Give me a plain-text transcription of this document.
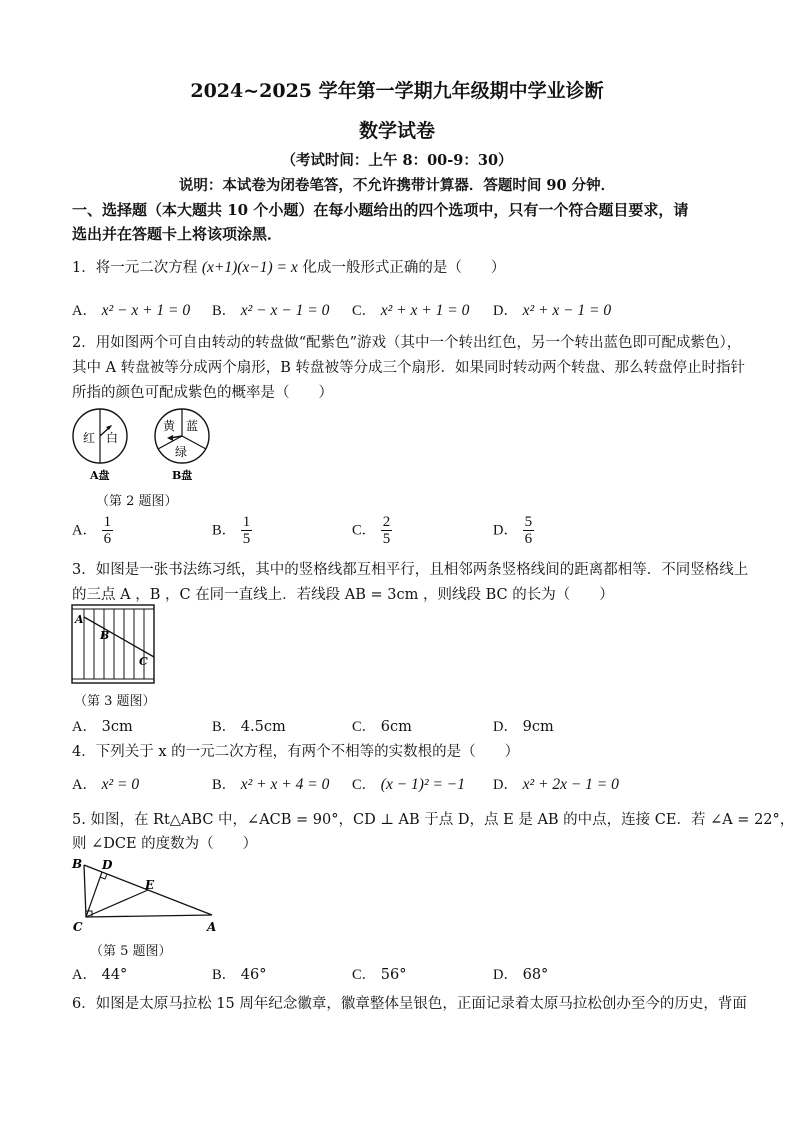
2024~2025 学年第一学期九年级期中学业诊断
数学试卷
（考试时间：上午 8：00-9：30）
说明：本试卷为闭卷笔答，不允许携带计算器．答题时间 90 分钟．
一、选择题（本大题共 10 个小题）在每小题给出的四个选项中，只有一个符合题目要求，请
选出并在答题卡上将该项涂黑．
1．将一元二次方程 (x+1)(x−1) = x 化成一般形式正确的是（　　）
A． x² − x + 1 = 0 B． x² − x − 1 = 0 C． x² + x + 1 = 0 D． x² + x − 1 = 0
2．用如图两个可自由转动的转盘做“配紫色”游戏（其中一个转出红色，另一个转出蓝色即可配成紫色），
其中 A 转盘被等分成两个扇形，B 转盘被等分成三个扇形．如果同时转动两个转盘、那么转盘停止时指针
所指的颜色可配成紫色的概率是（　　）
红 白
A盘
黄 蓝
绿
B盘
（第 2 题图）
A． $\frac{1}{6}$	B． $\frac{1}{5}$	C． $\frac{2}{5}$	D． $\frac{5}{6}$
3．如图是一张书法练习纸，其中的竖格线都互相平行，且相邻两条竖格线间的距离都相等．不同竖格线上
的三点 A ，B ，C 在同一直线上．若线段 AB = 3cm ，则线段 BC 的长为（　　）
A
B
C
（第 3 题图）
A． 3cm	B． 4.5cm	C． 6cm	D． 9cm
4．下列关于 x 的一元二次方程，有两个不相等的实数根的是（　　）
A． x² = 0	B． x² + x + 4 = 0 C． (x − 1)² = −1 D． x² + 2x − 1 = 0
5. 如图，在 Rt△ABC 中，∠ACB = 90°，CD ⊥ AB 于点 D，点 E 是 AB 的中点，连接 CE．若 ∠A = 22°，
则 ∠DCE 的度数为（　　）
B D
E
C	A
（第 5 题图）
A． 44°	B． 46°	C． 56°	D． 68°
6．如图是太原马拉松 15 周年纪念徽章，徽章整体呈银色，正面记录着太原马拉松创办至今的历史，背面
